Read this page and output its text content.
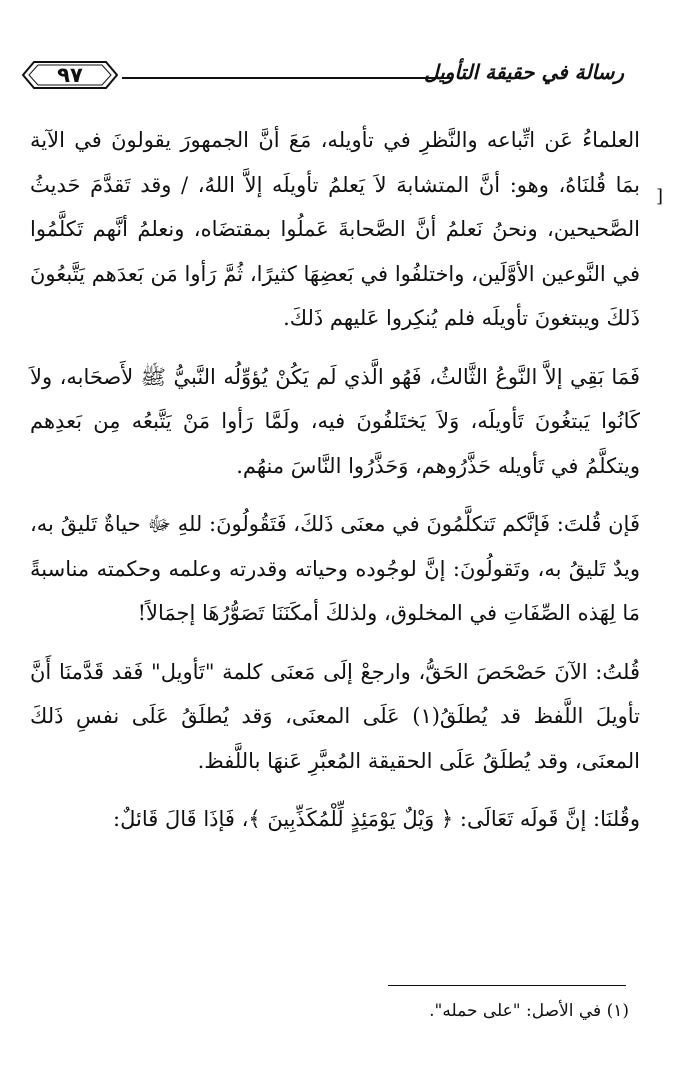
٩٧	رسالة في حقيقة التأويل
]

العلماءُ عَن اتِّباعه والنَّظرِ في تأويله، مَعَ أنَّ الجمهورَ يقولونَ في الآية بمَا قُلنَاهُ، وهو: أنَّ المتشابهَ لاَ يَعلمُ تأويلَه إلاَّ اللهُ، / وقد تَقدَّمَ حَديثُ الصَّحيحين، ونحنُ نَعلمُ أنَّ الصَّحابةَ عَملُوا بمقتضَاه، ونعلمُ أنَّهم تَكلَّمُوا في النَّوعين الأوَّلَين، واختلفُوا في بَعضِهَا كثيرًا، ثُمَّ رَأوا مَن بَعدَهم يَتَّبعُونَ ذَلكَ ويبتغونَ تأويلَه فلم يُنكِروا عَليهم ذَلكَ.

فَمَا بَقِي إلاَّ النَّوعُ الثَّالثُ، فَهُو الَّذي لَم يَكُنْ يُؤوِّلُه النَّبيُّ ﷺ لأَصحَابه، ولاَ كَانُوا يَبتغُونَ تَأويلَه، وَلاَ يَختَلفُونَ فيه، ولَمَّا رَأوا مَنْ يَتَّبعُه مِن بَعدِهم ويتكلَّمُ في تَأويله حَذَّرُوهم، وَحَذَّرُوا النَّاسَ منهُم.

فَإن قُلتَ: فَإنَّكم تَتكلَّمُونَ في معنَى ذَلكَ، فَتَقُولُونَ: للهِ ﷻ حياةٌ تَليقُ به، ويدٌ تَليقُ به، وتَقولُونَ: إنَّ لوجُوده وحياته وقدرته وعلمه وحكمته مناسبةً مَا لِهَذه الصِّفَاتِ في المخلوق، ولذلكَ أمكَنَنَا تَصَوُّرُهَا إجمَالاً!

قُلتُ: الآنَ حَصْحَصَ الحَقُّ، وارجعْ إلَى مَعنَى كلمة "تَأويل" فَقد قَدَّمنَا أَنَّ تأويلَ اللَّفظ قد يُطلَقُ(١) عَلَى المعنَى، وَقد يُطلَقُ عَلَى نفسِ ذَلكَ المعنَى، وقد يُطلَقُ عَلَى الحقيقة المُعبَّرِ عَنهَا باللَّفظ.

وقُلنَا: إنَّ قَولَه تَعَالَى: ﴿ وَيْلٌ يَوْمَئِذٍ لِّلْمُكَذِّبِينَ ﴾، فَإذَا قَالَ قَائلٌ:

(١) في الأصل: "على حمله".
